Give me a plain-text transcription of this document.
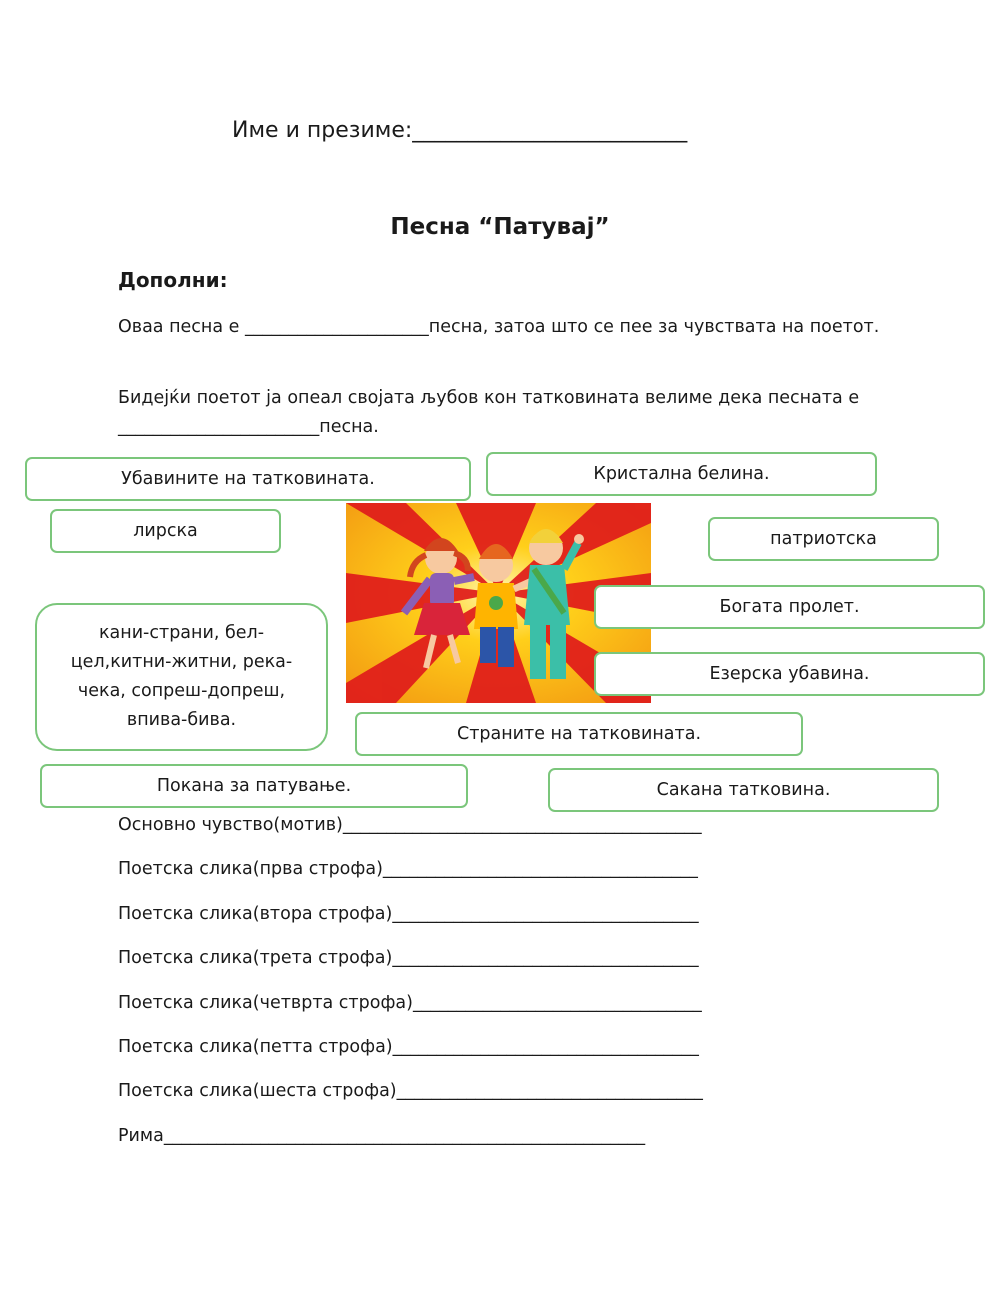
Име и презиме:_________________________
Песна “Патувај”
Дополни:
Оваа песна е _____________________песна, затоа што се пее за чувствата на поетот.
Бидејќи поетот ја опеал својата љубов кон татковината велиме дека песната е _______________________песна.
Убавините на татковината.	Кристална белина.
лирска	патриотска
Богата пролет.
кани-страни, бел-цел,китни-житни, река-чека, сопреш-допреш, впива-бива.
Езерска убавина.
Страните на татковината.
Покана за патување.	Сакана татковина.
Основно чувство(мотив)_________________________________________
Поетска слика(прва строфа)____________________________________
Поетска слика(втора строфа)___________________________________
Поетска слика(трета строфа)___________________________________
Поетска слика(четврта строфа)_________________________________
Поетска слика(петта строфа)___________________________________
Поетска слика(шеста строфа)___________________________________
Рима_______________________________________________________
